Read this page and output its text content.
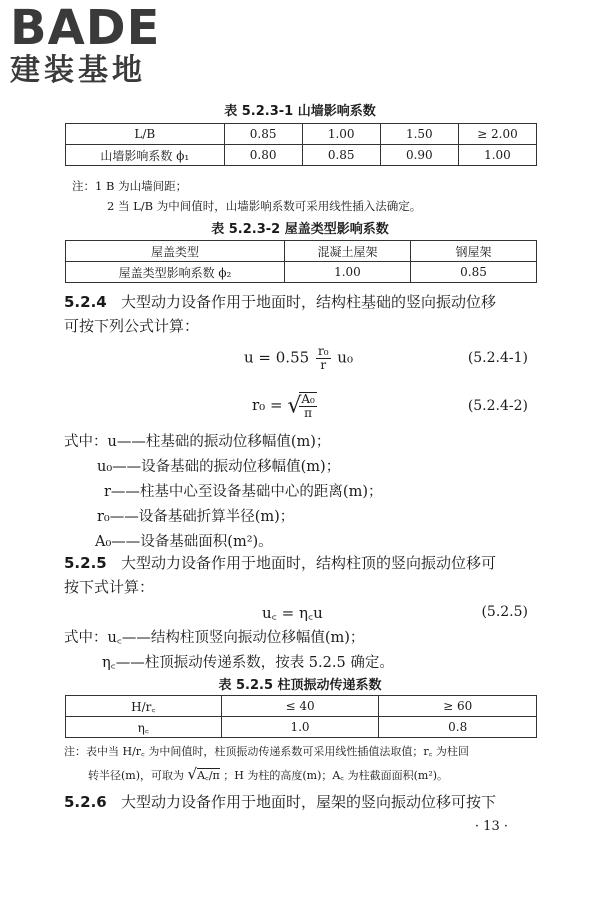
BADE
建装基地
表 5.2.3-1 山墙影响系数
L/B	0.85	1.00	1.50	≥ 2.00
山墙影响系数 ϕ₁	0.80	0.85	0.90	1.00
注：1 B 为山墙间距；
2 当 L/B 为中间值时，山墙影响系数可采用线性插入法确定。
表 5.2.3-2 屋盖类型影响系数
屋盖类型	混凝土屋架	钢屋架
屋盖类型影响系数 ϕ₂	1.00	0.85
5.2.4 大型动力设备作用于地面时，结构柱基础的竖向振动位移
可按下列公式计算：
$u = 0.55 \frac{\text{r₀}}{r} u_0$	(5.2.4-1)
r₀ = √
$\frac{\text{A₀}}{\pi}$	(5.2.4-2)
式中：u——柱基础的振动位移幅值(m)；
u₀——设备基础的振动位移幅值(m)；
r——柱基中心至设备基础中心的距离(m)；
r₀——设备基础折算半径(m)；
A₀——设备基础面积(m²)。
5.2.5 大型动力设备作用于地面时，结构柱顶的竖向振动位移可
按下式计算：
u꜀ = η꜀u	(5.2.5)
式中：u꜀——结构柱顶竖向振动位移幅值(m)；
η꜀——柱顶振动传递系数，按表 5.2.5 确定。
表 5.2.5 柱顶振动传递系数
H/r꜀	≤ 40	≥ 60
η꜀	1.0	0.8
注：表中当 H/r꜀ 为中间值时，柱顶振动传递系数可采用线性插值法取值；r꜀ 为柱回
转半径(m)，可取为 √A꜀/π ；H 为柱的高度(m)；A꜀ 为柱截面面积(m²)。
5.2.6 大型动力设备作用于地面时，屋架的竖向振动位移可按下
· 13 ·
